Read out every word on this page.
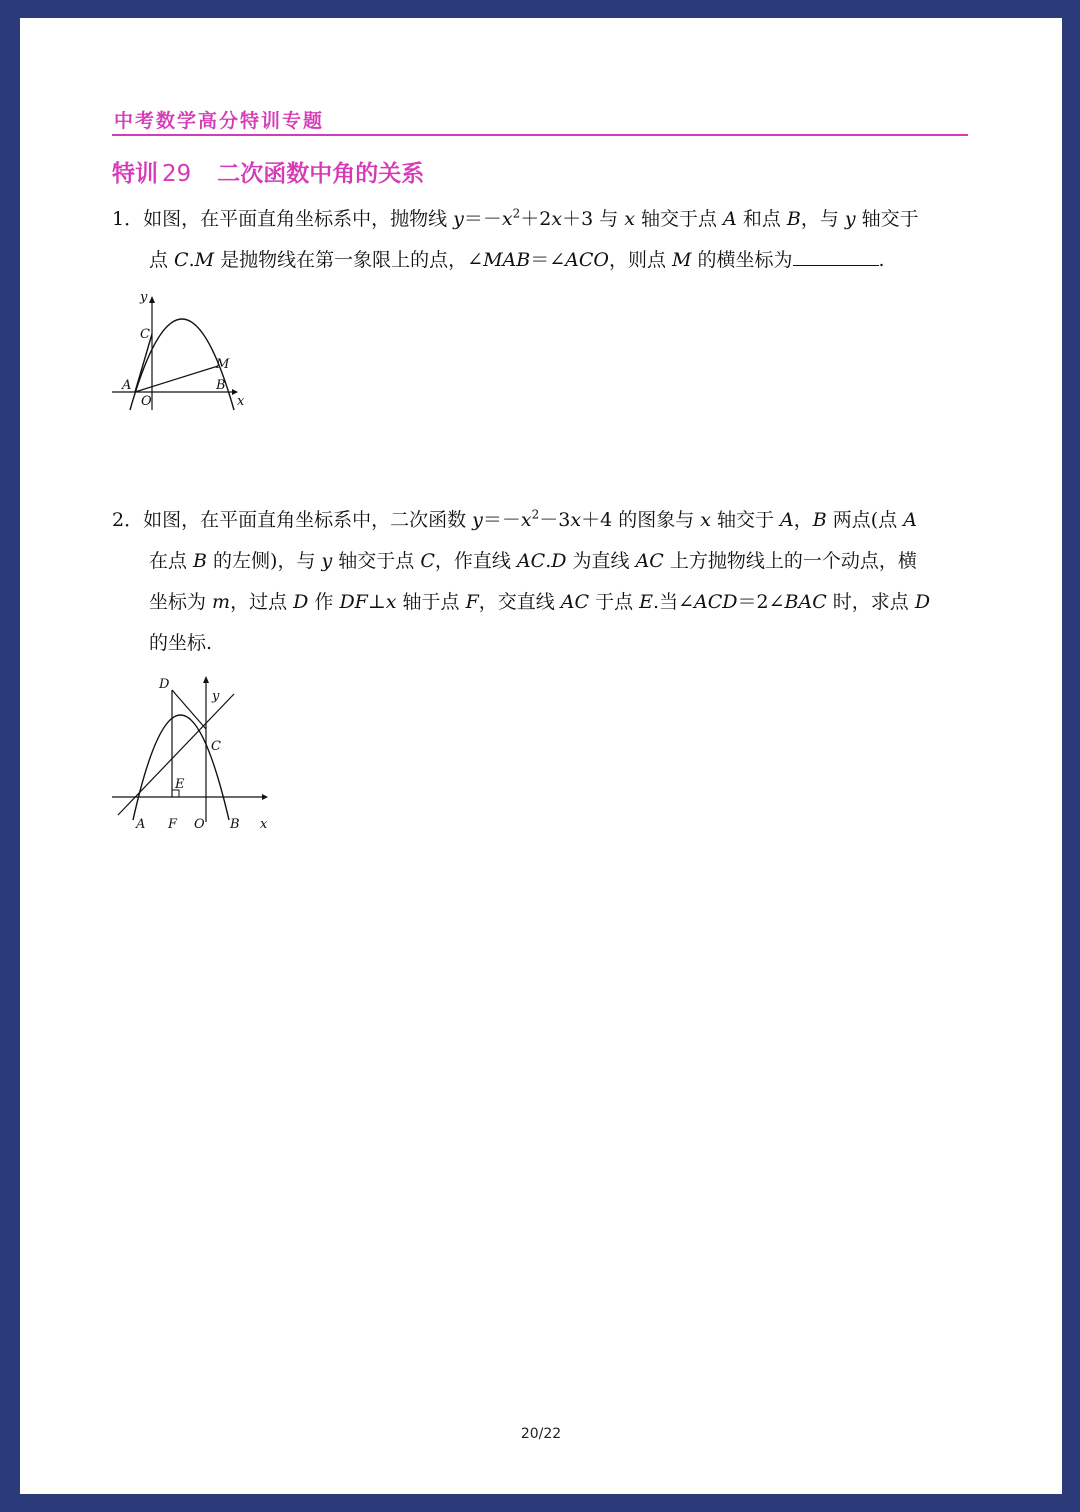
中考数学高分特训专题
特训 29 二次函数中角的关系
1．如图，在平面直角坐标系中，抛物线 $y=-x^2+2x+3$ 与 x 轴交于点 A 和点 B，与 y 轴交于
点 C.M 是抛物线在第一象限上的点，∠MAB＝∠ACO，则点 M 的横坐标为	.
y
C
M
A	B
O	x
2．如图，在平面直角坐标系中，二次函数 $y=-x^2-3x+4$ 的图象与 x 轴交于 A，B 两点(点 A
在点 B 的左侧)，与 y 轴交于点 C，作直线 AC.D 为直线 AC 上方抛物线上的一个动点，横
坐标为 m，过点 D 作 DF⊥x 轴于点 F，交直线 AC 于点 E.当∠ACD＝2∠BAC 时，求点 D
的坐标.
D
y
C
E
A F O B x
20/22
